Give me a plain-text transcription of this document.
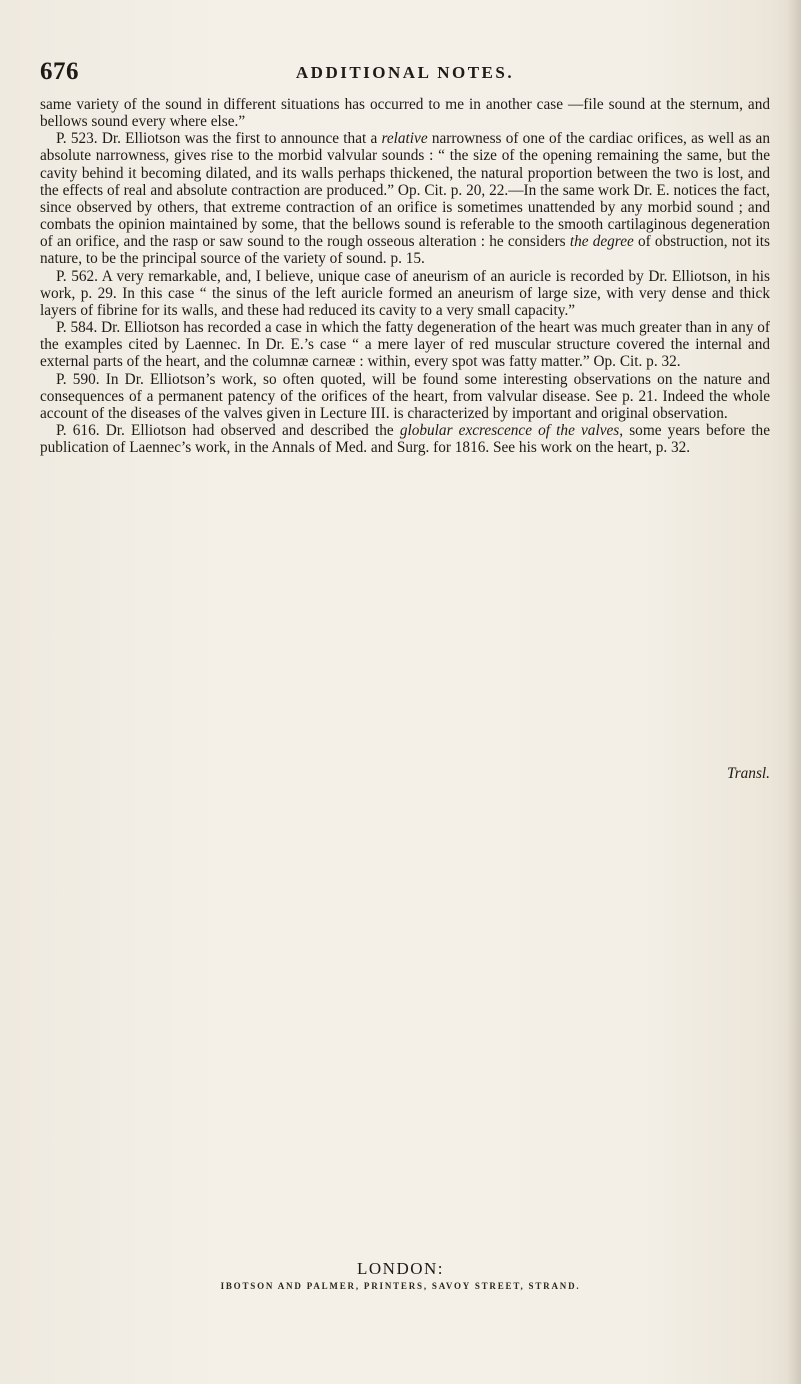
676	ADDITIONAL NOTES.

same variety of the sound in different situations has occurred to me in another case —file sound at the sternum, and bellows sound every where else.”

P. 523. Dr. Elliotson was the first to announce that a relative narrowness of one of the cardiac orifices, as well as an absolute narrowness, gives rise to the morbid valvular sounds : “ the size of the opening remaining the same, but the cavity behind it becoming dilated, and its walls perhaps thickened, the natural proportion between the two is lost, and the effects of real and absolute contraction are produced.” Op. Cit. p. 20, 22.—In the same work Dr. E. notices the fact, since observed by others, that extreme contraction of an orifice is sometimes unattended by any morbid sound ; and combats the opinion maintained by some, that the bellows sound is referable to the smooth cartilaginous degeneration of an orifice, and the rasp or saw sound to the rough osseous alteration : he considers the degree of obstruction, not its nature, to be the principal source of the variety of sound. p. 15.

P. 562. A very remarkable, and, I believe, unique case of aneurism of an auricle is recorded by Dr. Elliotson, in his work, p. 29. In this case “ the sinus of the left auricle formed an aneurism of large size, with very dense and thick layers of fibrine for its walls, and these had reduced its cavity to a very small capacity.”

P. 584. Dr. Elliotson has recorded a case in which the fatty degeneration of the heart was much greater than in any of the examples cited by Laennec. In Dr. E.’s case “ a mere layer of red muscular structure covered the internal and external parts of the heart, and the columnæ carneæ : within, every spot was fatty matter.” Op. Cit. p. 32.

P. 590. In Dr. Elliotson’s work, so often quoted, will be found some interesting observations on the nature and consequences of a permanent patency of the orifices of the heart, from valvular disease. See p. 21. Indeed the whole account of the diseases of the valves given in Lecture III. is characterized by important and original observation.

P. 616. Dr. Elliotson had observed and described the globular excrescence of the valves, some years before the publication of Laennec’s work, in the Annals of Med. and Surg. for 1816. See his work on the heart, p. 32.

Transl.
LONDON:
IBOTSON AND PALMER, PRINTERS, SAVOY STREET, STRAND.
